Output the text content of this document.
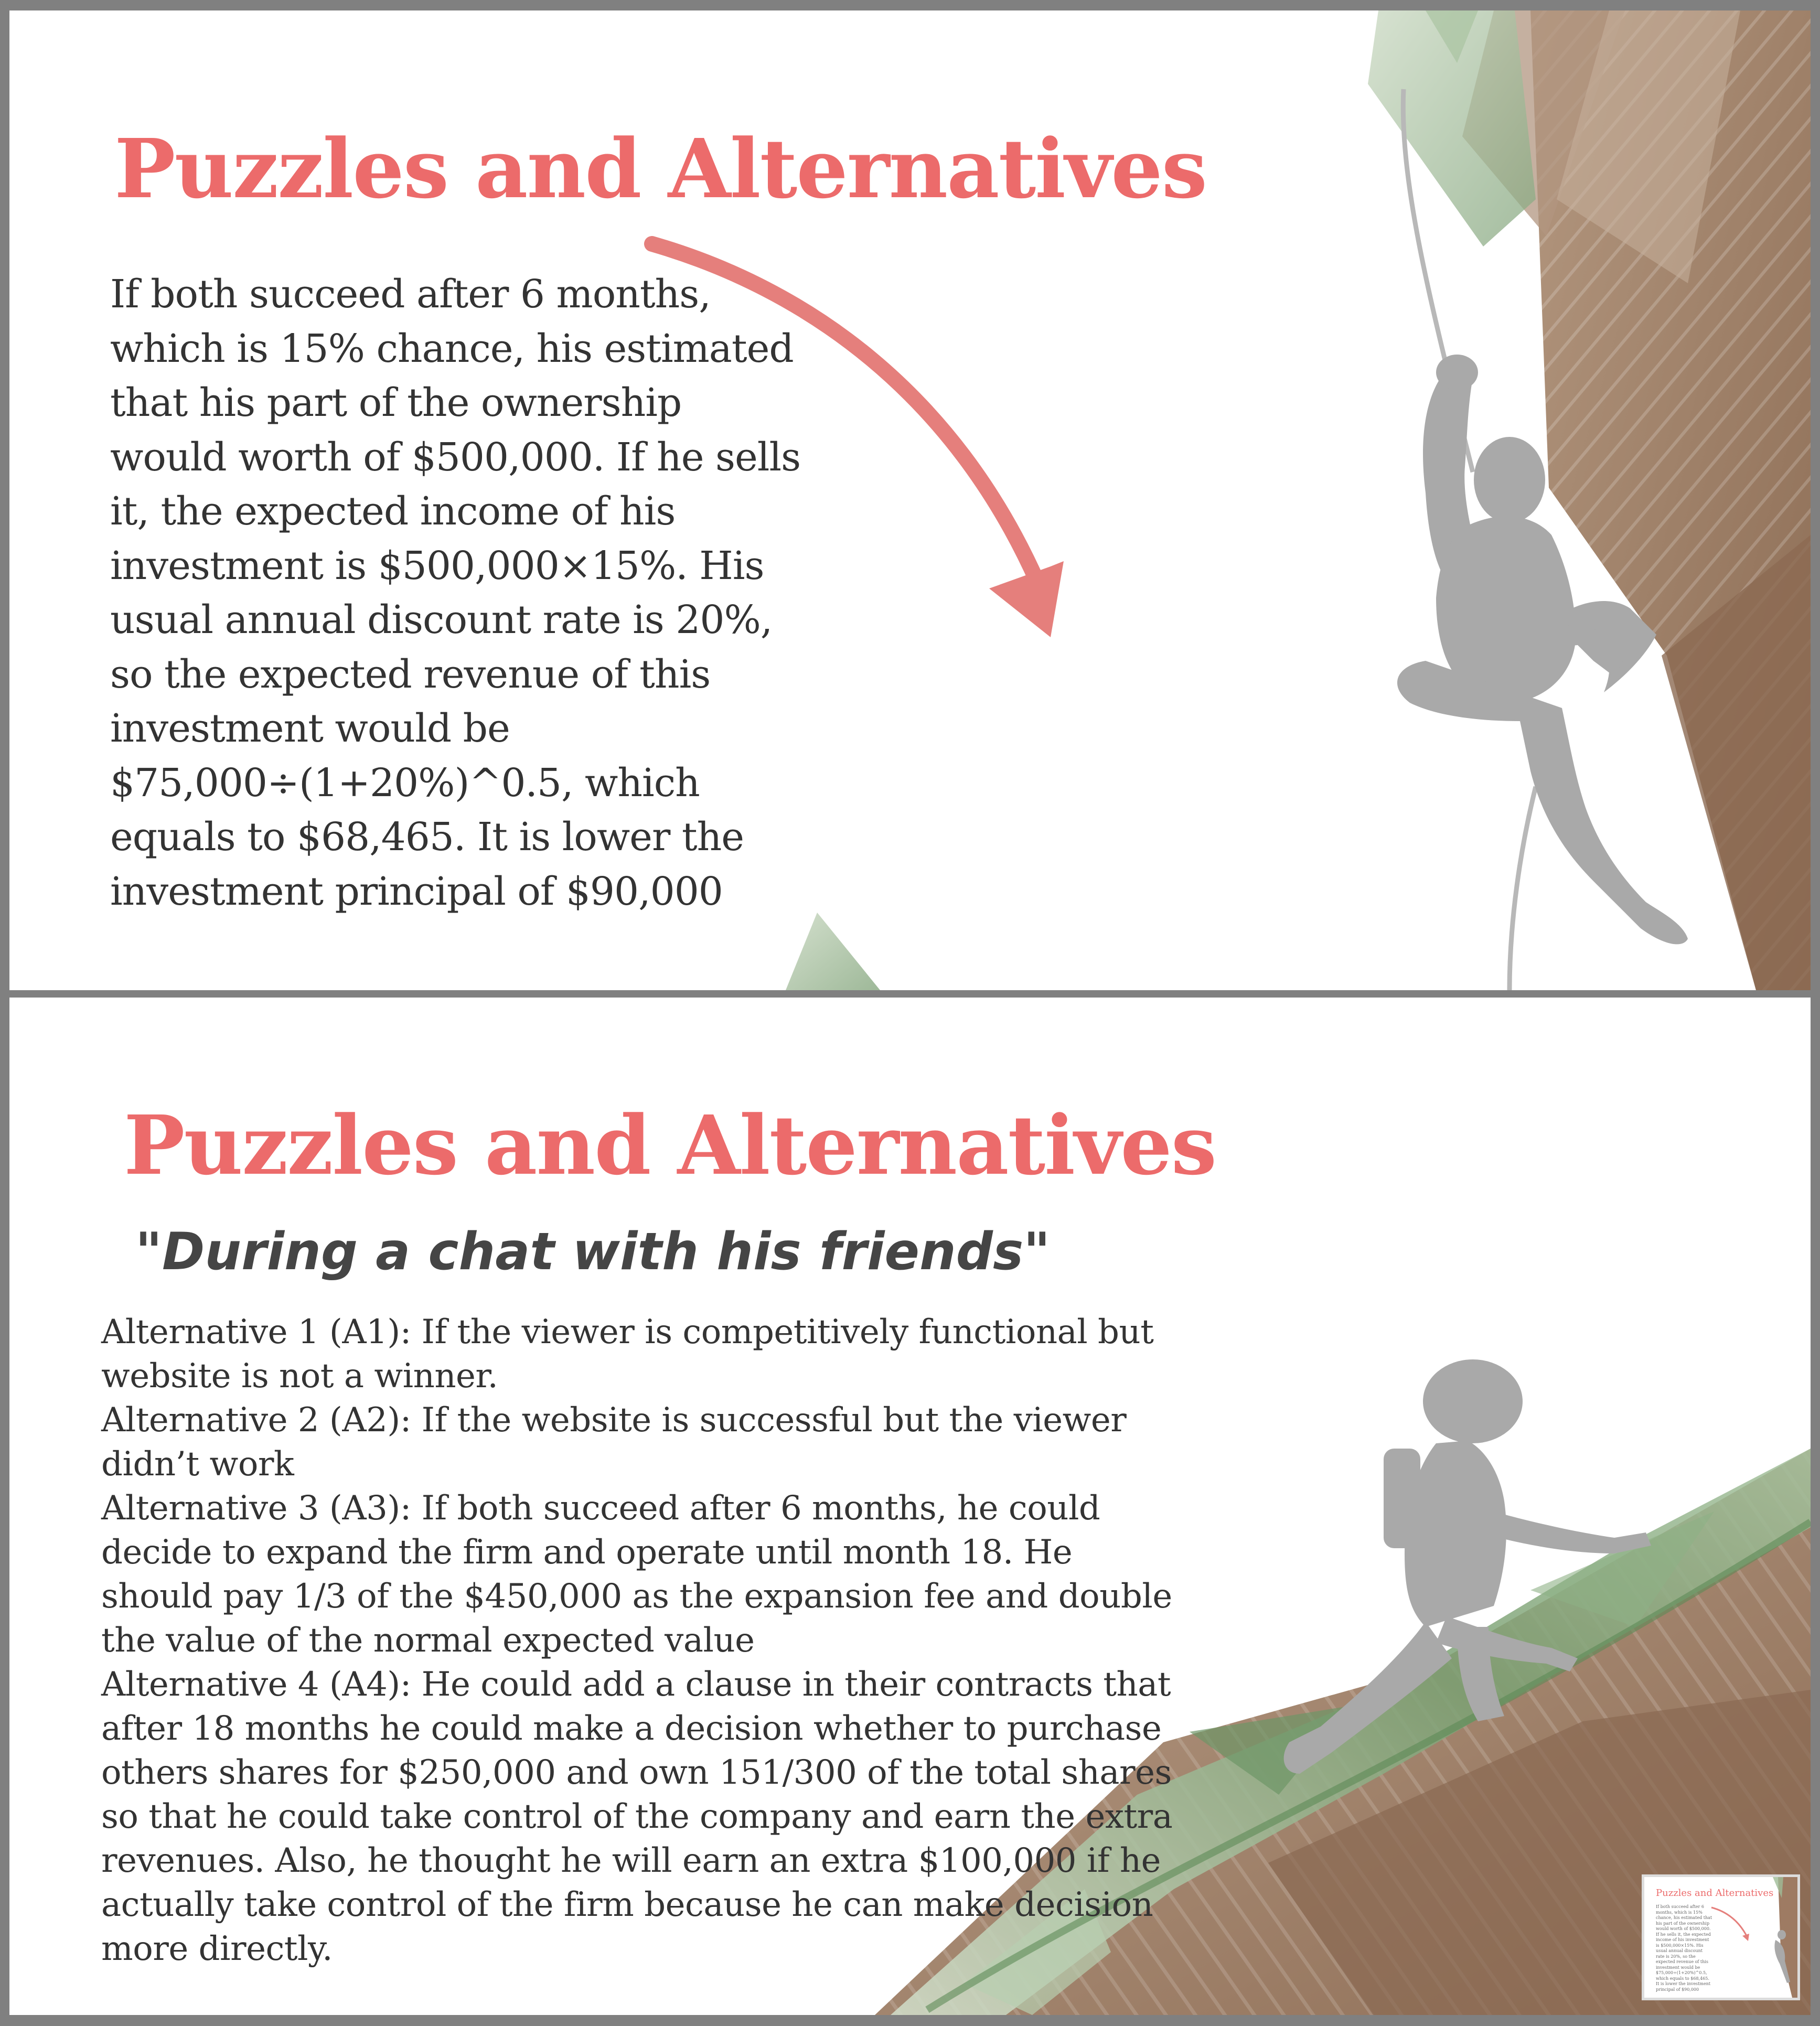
Puzzles and Alternatives

If both succeed after 6 months, which is 15% chance, his estimated that his part of the ownership would worth of $500,000. If he sells it, the expected income of his investment is $500,000×15%. His usual annual discount rate is 20%, so the expected revenue of this investment would be $75,000÷(1+20%)^0.5, which equals to $68,465. It is lower the investment principal of $90,000

Puzzles and Alternatives
"During a chat with his friends"
Alternative 1 (A1): If the viewer is competitively functional but website is not a winner.
Alternative 2 (A2): If the website is successful but the viewer didn’t work
Alternative 3 (A3): If both succeed after 6 months, he could decide to expand the firm and operate until month 18. He should pay 1/3 of the $450,000 as the expansion fee and double the value of the normal expected value
Alternative 4 (A4): He could add a clause in their contracts that after 18 months he could make a decision whether to purchase others shares for $250,000 and own 151/300 of the total shares so that he could take control of the company and earn the extra revenues. Also, he thought he will earn an extra $100,000 if he actually take control of the firm because he can make decision more directly.
Puzzles and Alternatives
If both succeed after 6 months, which is 15% chance, his estimated that his part of the ownership would worth of $500,000. If he sells it, the expected income of his investment is $500,000×15%. His usual annual discount rate is 20%, so the expected revenue of this investment would be $75,000÷(1+20%)^0.5, which equals to $68,465. It is lower the investment principal of $90,000
